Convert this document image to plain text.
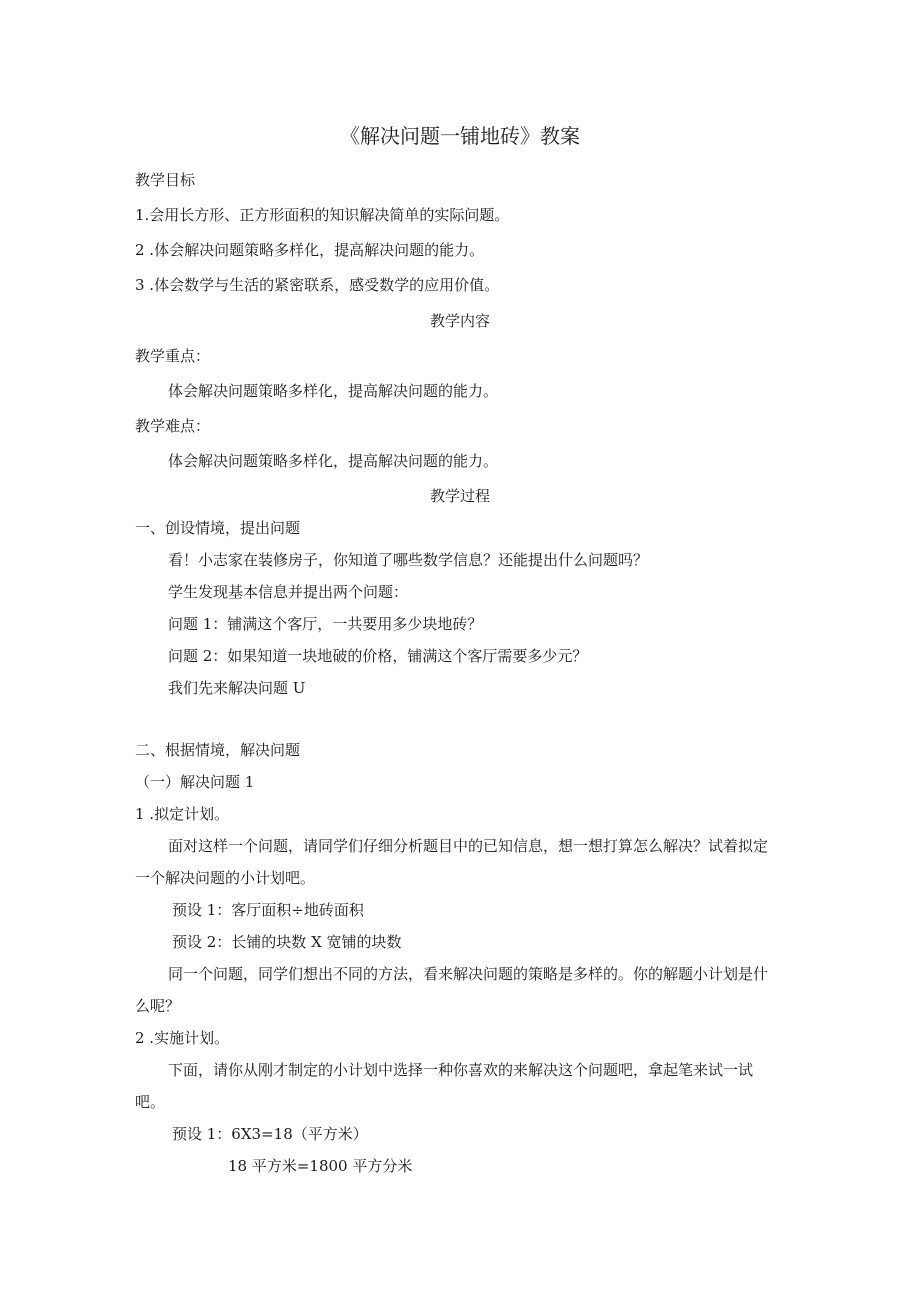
《解决问题一铺地砖》教案
教学目标
1.会用长方形、正方形面积的知识解决简单的实际问题。
2 .体会解决问题策略多样化，提高解决问题的能力。
3 .体会数学与生活的紧密联系，感受数学的应用价值。
教学内容
教学重点：
体会解决问题策略多样化，提高解决问题的能力。
教学难点：
体会解决问题策略多样化，提高解决问题的能力。
教学过程
一、创设情境，提出问题
看！小志家在装修房子，你知道了哪些数学信息？还能提出什么问题吗？
学生发现基本信息并提出两个问题：
问题 1：铺满这个客厅，一共要用多少块地砖？
问题 2：如果知道一块地破的价格，铺满这个客厅需要多少元？
我们先来解决问题 U
二、根据情境，解决问题
（一）解决问题 1
1 .拟定计划。
面对这样一个问题，请同学们仔细分析题目中的已知信息，想一想打算怎么解决？试着拟定
一个解决问题的小计划吧。
预设 1：客厅面积÷地砖面积
预设 2：长铺的块数 X 宽铺的块数
同一个问题，同学们想出不同的方法，看来解决问题的策略是多样的。你的解题小计划是什
么呢？
2 .实施计划。
下面，请你从刚才制定的小计划中选择一种你喜欢的来解决这个问题吧，拿起笔来试一试
吧。
预设 1：6X3=18（平方米）
18 平方米=1800 平方分米
